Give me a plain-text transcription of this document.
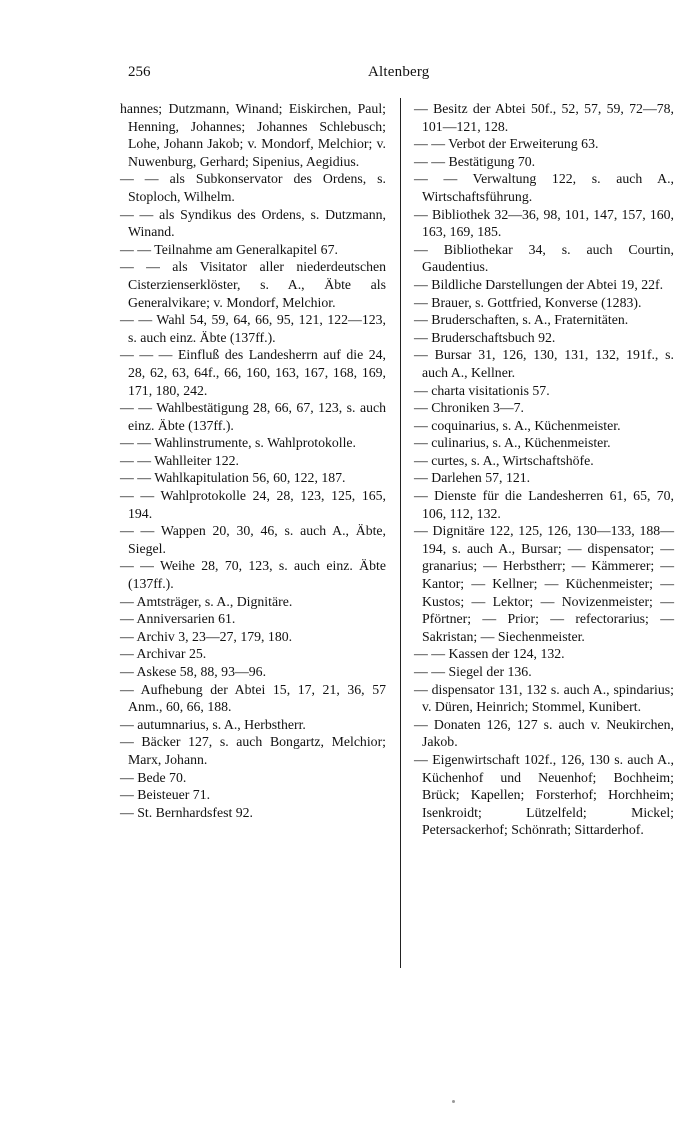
256	Altenberg
hannes; Dutzmann, Winand; Eiskirchen, Paul; Henning, Johannes; Johannes Schlebusch; Lohe, Johann Jakob; v. Mondorf, Melchior; v. Nuwenburg, Gerhard; Sipenius, Aegidius.
— — als Subkonservator des Ordens, s. Stoploch, Wilhelm.
— — als Syndikus des Ordens, s. Dutzmann, Winand.
— — Teilnahme am Generalkapitel 67.
— — als Visitator aller niederdeutschen Cisterzienserklöster, s. A., Äbte als Generalvikare; v. Mondorf, Melchior.
— — Wahl 54, 59, 64, 66, 95, 121, 122—123, s. auch einz. Äbte (137ff.).
— — — Einfluß des Landesherrn auf die 24, 28, 62, 63, 64f., 66, 160, 163, 167, 168, 169, 171, 180, 242.
— — Wahlbestätigung 28, 66, 67, 123, s. auch einz. Äbte (137ff.).
— — Wahlinstrumente, s. Wahlprotokolle.
— — Wahlleiter 122.
— — Wahlkapitulation 56, 60, 122, 187.
— — Wahlprotokolle 24, 28, 123, 125, 165, 194.
— — Wappen 20, 30, 46, s. auch A., Äbte, Siegel.
— — Weihe 28, 70, 123, s. auch einz. Äbte (137ff.).
— Amtsträger, s. A., Dignitäre.
— Anniversarien 61.
— Archiv 3, 23—27, 179, 180.
— Archivar 25.
— Askese 58, 88, 93—96.
— Aufhebung der Abtei 15, 17, 21, 36, 57 Anm., 60, 66, 188.
— autumnarius, s. A., Herbstherr.
— Bäcker 127, s. auch Bongartz, Melchior; Marx, Johann.
— Bede 70.
— Beisteuer 71.
— St. Bernhardsfest 92.
— Besitz der Abtei 50f., 52, 57, 59, 72—78, 101—121, 128.
— — Verbot der Erweiterung 63.
— — Bestätigung 70.
— — Verwaltung 122, s. auch A., Wirtschaftsführung.
— Bibliothek 32—36, 98, 101, 147, 157, 160, 163, 169, 185.
— Bibliothekar 34, s. auch Courtin, Gaudentius.
— Bildliche Darstellungen der Abtei 19, 22f.
— Brauer, s. Gottfried, Konverse (1283).
— Bruderschaften, s. A., Fraternitäten.
— Bruderschaftsbuch 92.
— Bursar 31, 126, 130, 131, 132, 191f., s. auch A., Kellner.
— charta visitationis 57.
— Chroniken 3—7.
— coquinarius, s. A., Küchenmeister.
— culinarius, s. A., Küchenmeister.
— curtes, s. A., Wirtschaftshöfe.
— Darlehen 57, 121.
— Dienste für die Landesherren 61, 65, 70, 106, 112, 132.
— Dignitäre 122, 125, 126, 130—133, 188—194, s. auch A., Bursar; — dispensator; — granarius; — Herbstherr; — Kämmerer; — Kantor; — Kellner; — Küchenmeister; — Kustos; — Lektor; — Novizenmeister; — Pförtner; — Prior; — refectorarius; — Sakristan; — Siechenmeister.
— — Kassen der 124, 132.
— — Siegel der 136.
— dispensator 131, 132 s. auch A., spindarius; v. Düren, Heinrich; Stommel, Kunibert.
— Donaten 126, 127 s. auch v. Neukirchen, Jakob.
— Eigenwirtschaft 102f., 126, 130 s. auch A., Küchenhof und Neuenhof; Bochheim; Brück; Kapellen; Forsterhof; Horchheim; Isenkroidt; Lützelfeld; Mickel; Petersackerhof; Schönrath; Sittarderhof.
